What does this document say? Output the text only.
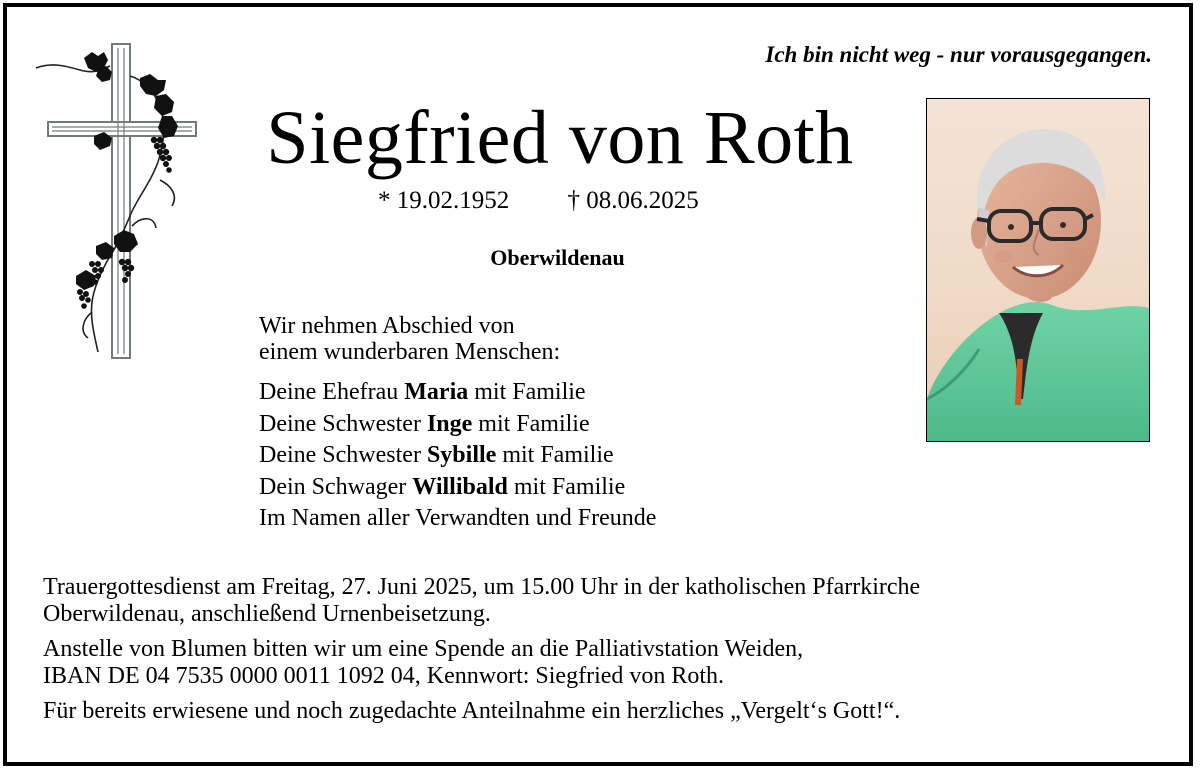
Ich bin nicht weg - nur vorausgegangen.
Siegfried von Roth
* 19.02.1952 † 08.06.2025
Oberwildenau
Wir nehmen Abschied von
einem wunderbaren Menschen:
Deine Ehefrau Maria mit Familie
Deine Schwester Inge mit Familie
Deine Schwester Sybille mit Familie
Dein Schwager Willibald mit Familie
Im Namen aller Verwandten und Freunde
Trauergottesdienst am Freitag, 27. Juni 2025, um 15.00 Uhr in der katholischen Pfarrkirche
Oberwildenau, anschließend Urnenbeisetzung.
Anstelle von Blumen bitten wir um eine Spende an die Palliativstation Weiden,
IBAN DE 04 7535 0000 0011 1092 04, Kennwort: Siegfried von Roth.
Für bereits erwiesene und noch zugedachte Anteilnahme ein herzliches „Vergelt‘s Gott!“.
